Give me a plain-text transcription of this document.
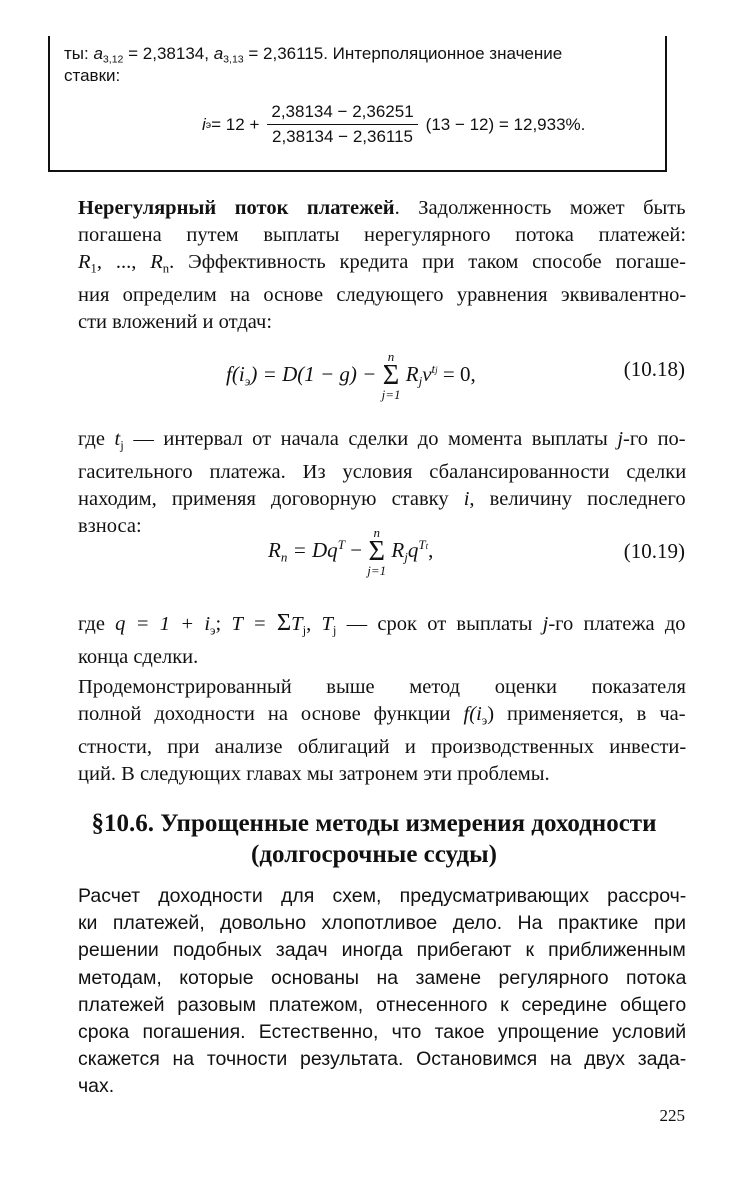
ты: $a_{3,12} = 2,38134$, $a_{3,13} = 2,36115$. Интерполяционное значение
ставки:
i $э = 12 + \frac{2,38134 - 2,36251}{2,38134 - 2,36115} (13 - 12) = 12,933\%$.
Нерегулярный поток платежей. Задолженность может быть
погашена путем выплаты нерегулярного потока платежей:
$R_1$, ..., $R_n$. Эффективность кредита при таком способе погаше-
ния определим на основе следующего уравнения эквивалентно-
сти вложений и отдач:
$f(i_э) = D(1 - g)$ −
n
Σ
j=1
$R_jv^{tj} = 0$,	(10.18)
где $t_j$ — интервал от начала сделки до момента выплаты j-го по-
гасительного платежа. Из условия сбалансированности сделки
находим, применяя договорную ставку i, величину последнего
взноса:
$R_n = Dq^T$ −
n
Σ
j=1
$R_jq^{Tt}$,	(10.19)
где $q = 1 + i_э$; $T = \Sigma T_j$, $T_j$ — срок от выплаты j-го платежа до
конца сделки.
Продемонстрированный выше метод оценки показателя
полной доходности на основе функции $f(i_э)$ применяется, в ча-
стности, при анализе облигаций и производственных инвести-
ций. В следующих главах мы затронем эти проблемы.
§10.6. Упрощенные методы измерения доходности
(долгосрочные ссуды)
Расчет доходности для схем, предусматривающих рассроч-
ки платежей, довольно хлопотливое дело. На практике при
решении подобных задач иногда прибегают к приближенным
методам, которые основаны на замене регулярного потока
платежей разовым платежом, отнесенного к середине общего
срока погашения. Естественно, что такое упрощение условий
скажется на точности результата. Остановимся на двух зада-
чах.
225
